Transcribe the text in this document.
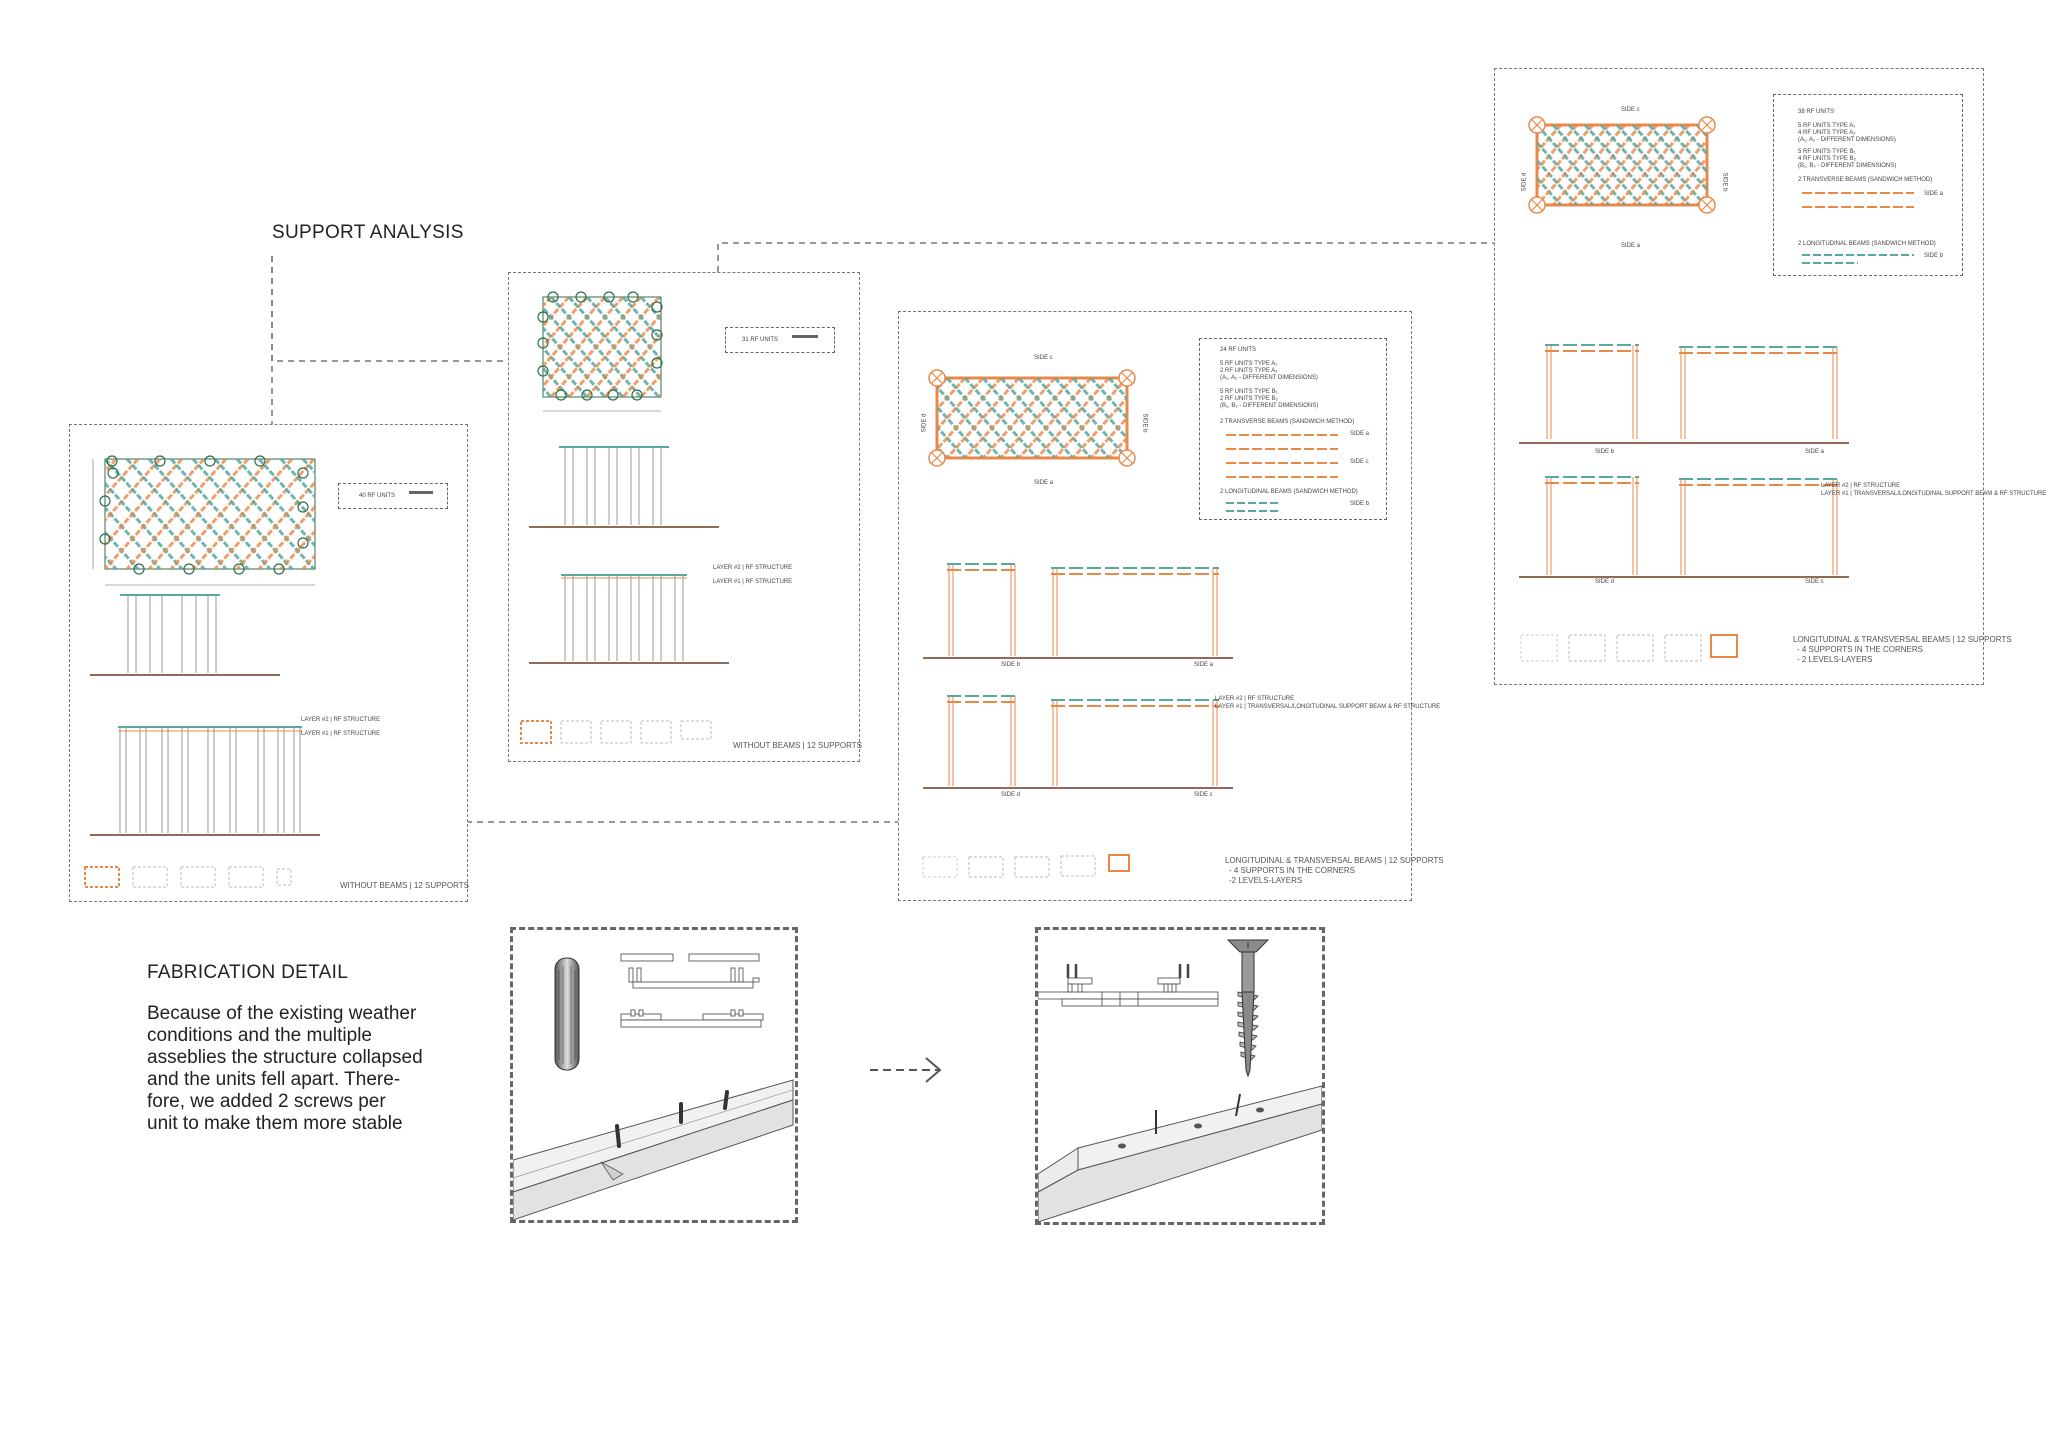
SUPPORT ANALYSIS
40 RF UNITS
LAYER #2 | RF STRUCTURE
LAYER #1 | RF STRUCTURE
WITHOUT BEAMS | 12 SUPPORTS
31 RF UNITS
LAYER #2 | RF STRUCTURE
LAYER #1 | RF STRUCTURE
WITHOUT BEAMS | 12 SUPPORTS
SIDE c
SIDE a
SIDE d	SIDE b
24 RF UNITS
5 RF UNITS TYPE A₁
2 RF UNITS TYPE A₂
(A₁, A₂ - DIFFERENT DIMENSIONS)
5 RF UNITS TYPE B₁
2 RF UNITS TYPE B₂
(B₁, B₂ - DIFFERENT DIMENSIONS)
2 TRANSVERSE BEAMS (SANDWICH METHOD)
SIDE a
SIDE c
2 LONGITUDINAL BEAMS (SANDWICH METHOD)
SIDE b
SIDE b	SIDE a
SIDE d	SIDE c
LAYER #2 | RF STRUCTURE
LAYER #1 | TRANSVERSAL/LONGITUDINAL SUPPORT BEAM & RF STRUCTURE
LONGITUDINAL & TRANSVERSAL BEAMS | 12 SUPPORTS
- 4 SUPPORTS IN THE CORNERS
-2 LEVELS-LAYERS
SIDE c
SIDE a
SIDE d	SIDE b
38 RF UNITS
5 RF UNITS TYPE A₁
4 RF UNITS TYPE A₂
(A₁, A₂ - DIFFERENT DIMENSIONS)
5 RF UNITS TYPE B₁
4 RF UNITS TYPE B₂
(B₁, B₂ - DIFFERENT DIMENSIONS)
2 TRANSVERSE BEAMS (SANDWICH METHOD)
SIDE a
2 LONGITUDINAL BEAMS (SANDWICH METHOD)
SIDE b
SIDE b	SIDE a
SIDE d	SIDE c
LAYER #2 | RF STRUCTURE
LAYER #1 | TRANSVERSAL/LONGITUDINAL SUPPORT BEAM & RF STRUCTURE
LONGITUDINAL & TRANSVERSAL BEAMS | 12 SUPPORTS
- 4 SUPPORTS IN THE CORNERS
- 2 LEVELS-LAYERS
FABRICATION DETAIL
Because of the existing weather
conditions and the multiple
asseblies the structure collapsed
and the units fell apart. There-
fore, we added 2 screws per
unit to make them more stable
